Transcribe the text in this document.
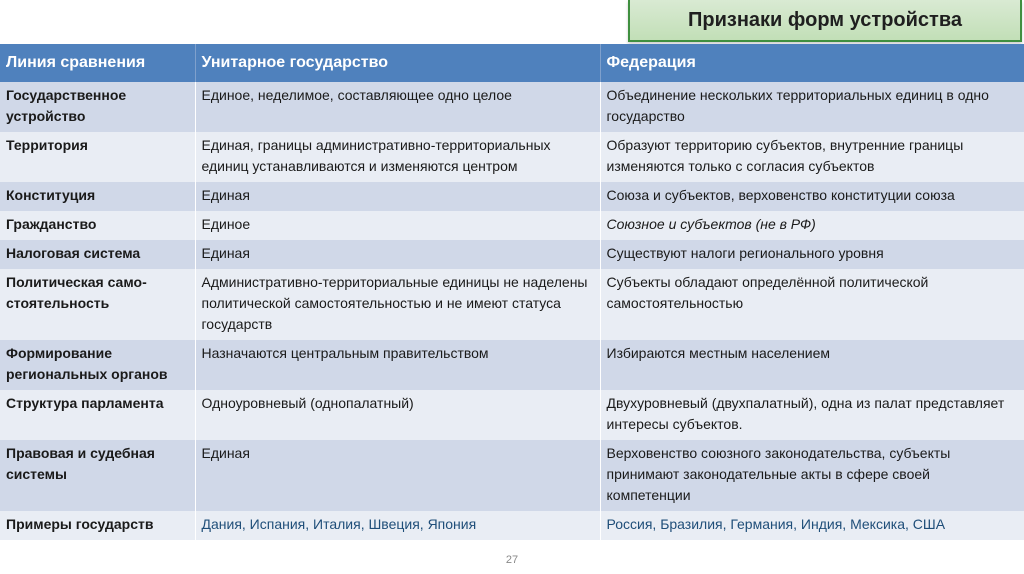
Признаки форм устройства
Линия сравнения	Унитарное государство	Федерация
Государственное устройство	Единое, неделимое, составляющее одно целое	Объединение нескольких территориальных единиц в одно государство
Территория	Единая, границы административно-территориальных единиц устанавливаются и изменяются центром	Образуют территорию субъектов, внутренние границы изменяются только с согласия субъектов
Конституция	Единая	Союза и субъектов, верховенство конституции союза
Гражданство	Единое	Союзное и субъектов (не в РФ)
Налоговая система	Единая	Существуют налоги регионального уровня
Политическая само-стоятельность	Административно-территориальные единицы не наделены политической самостоятельностью и не имеют статуса государств	Субъекты обладают определённой политической самостоятельностью
Формирование региональных органов	Назначаются центральным правительством	Избираются местным населением
Структура парламента	Одноуровневый (однопалатный)	Двухуровневый (двухпалатный), одна из палат представляет интересы субъектов.
Правовая и судебная системы	Единая	Верховенство союзного законодательства, субъекты принимают законодательные акты в сфере своей компетенции
Примеры государств	Дания, Испания, Италия, Швеция, Япония	Россия, Бразилия, Германия, Индия, Мексика, США
27
